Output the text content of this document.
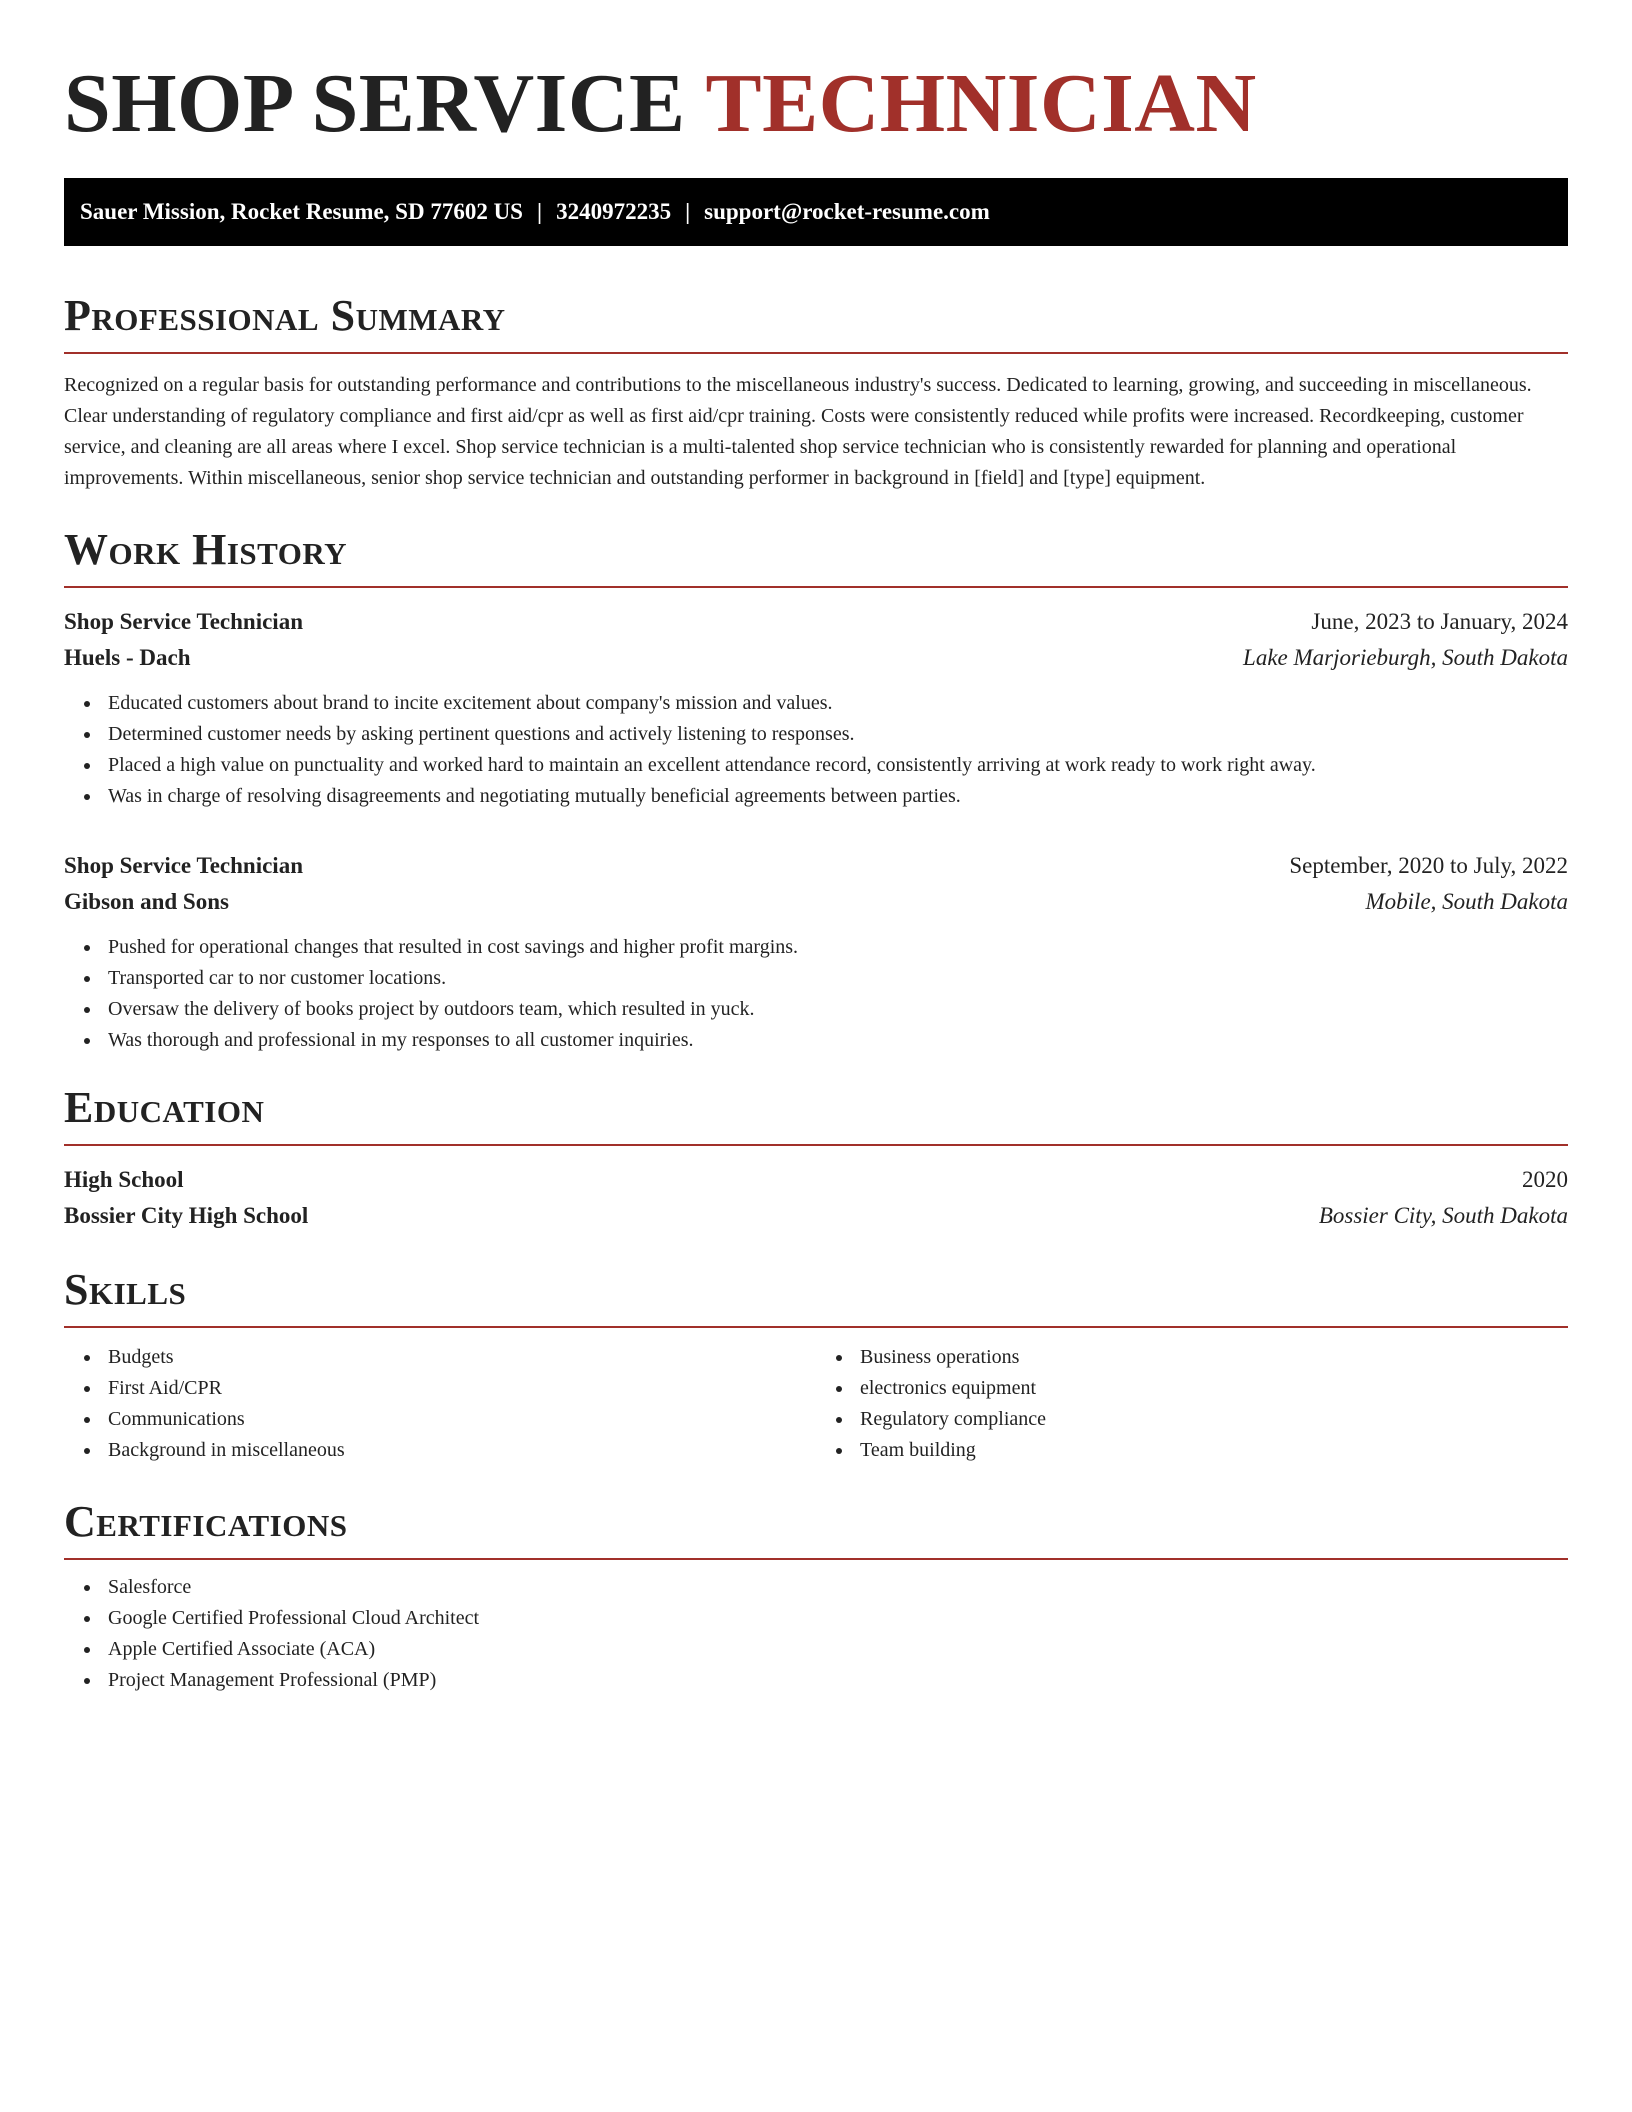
SHOP SERVICE TECHNICIAN
Sauer Mission, Rocket Resume, SD 77602 US | 3240972235 | support@rocket-resume.com
Professional Summary

Recognized on a regular basis for outstanding performance and contributions to the miscellaneous industry's success. Dedicated to learning, growing, and succeeding in miscellaneous. Clear understanding of regulatory compliance and first aid/cpr as well as first aid/cpr training. Costs were consistently reduced while profits were increased. Recordkeeping, customer service, and cleaning are all areas where I excel. Shop service technician is a multi-talented shop service technician who is consistently rewarded for planning and operational improvements. Within miscellaneous, senior shop service technician and outstanding performer in background in [field] and [type] equipment.

Work History
Shop Service Technician	June, 2023 to January, 2024
Huels - Dach	Lake Marjorieburgh, South Dakota
Educated customers about brand to incite excitement about company's mission and values.
Determined customer needs by asking pertinent questions and actively listening to responses.
Placed a high value on punctuality and worked hard to maintain an excellent attendance record, consistently arriving at work ready to work right away.
Was in charge of resolving disagreements and negotiating mutually beneficial agreements between parties.
Shop Service Technician	September, 2020 to July, 2022
Gibson and Sons	Mobile, South Dakota
Pushed for operational changes that resulted in cost savings and higher profit margins.
Transported car to nor customer locations.
Oversaw the delivery of books project by outdoors team, which resulted in yuck.
Was thorough and professional in my responses to all customer inquiries.
Education
High School	2020
Bossier City High School	Bossier City, South Dakota
Skills
Budgets
First Aid/CPR
Communications
Background in miscellaneous
Business operations
electronics equipment
Regulatory compliance
Team building
Certifications
Salesforce
Google Certified Professional Cloud Architect
Apple Certified Associate (ACA)
Project Management Professional (PMP)
